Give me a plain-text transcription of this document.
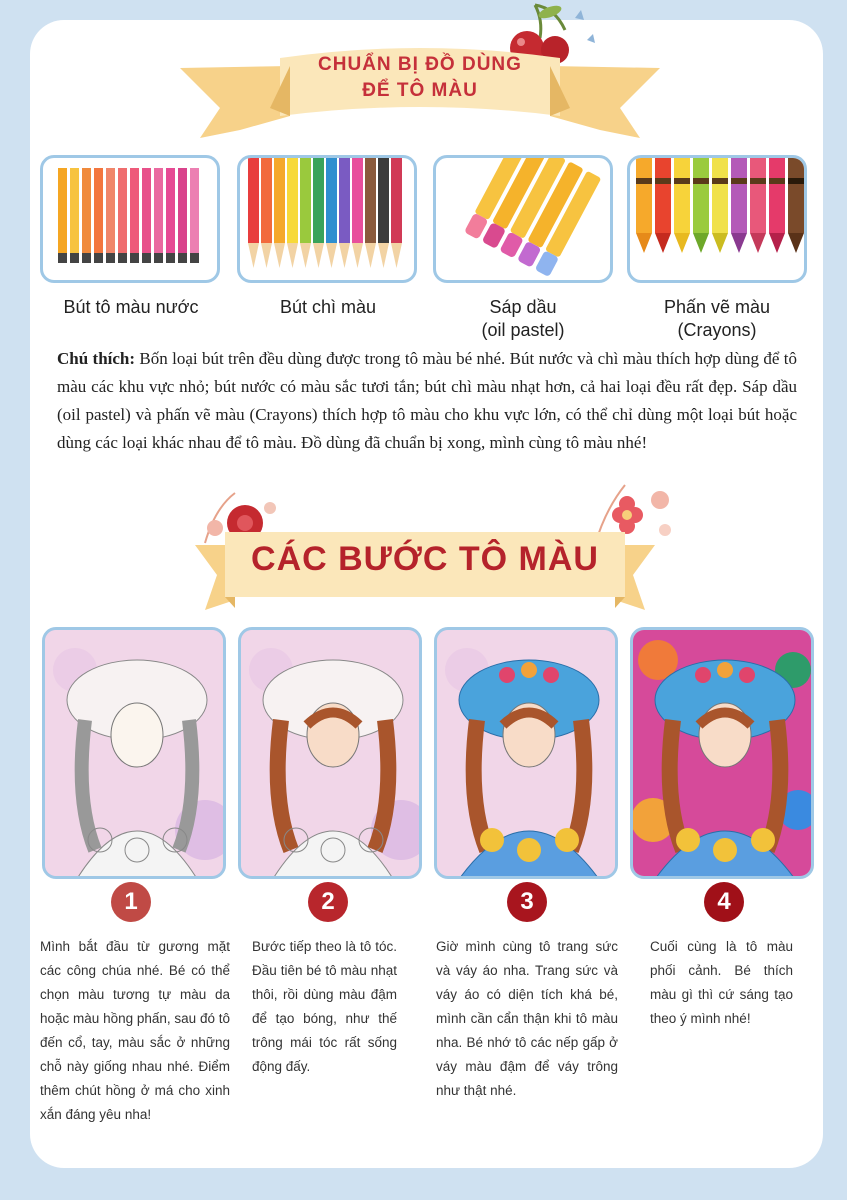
CHUẨN BỊ ĐỒ DÙNG
ĐỂ TÔ MÀU
Bút tô màu nước	Bút chì màu	Sáp dầu
(oil pastel)
Phấn vẽ màu
(Crayons)
Chú thích: Bốn loại bút trên đều dùng được trong tô màu bé nhé. Bút nước và chì màu thích hợp dùng để tô màu các khu vực nhỏ; bút nước có màu sắc tươi tắn; bút chì màu nhạt hơn, cả hai loại đều rất đẹp. Sáp dầu (oil pastel) và phấn vẽ màu (Crayons) thích hợp tô màu cho khu vực lớn, có thể chỉ dùng một loại bút hoặc dùng các loại khác nhau để tô màu. Đồ dùng đã chuẩn bị xong, mình cùng tô màu nhé!
CÁC BƯỚC TÔ MÀU
1	2	3	4
Mình bắt đầu từ gương mặt các công chúa nhé. Bé có thể chọn màu tương tự màu da hoặc màu hồng phấn, sau đó tô đến cổ, tay, màu sắc ở những chỗ này giống nhau nhé. Điểm thêm chút hồng ở má cho xinh xắn đáng yêu nha!
Bước tiếp theo là tô tóc. Đầu tiên bé tô màu nhạt thôi, rồi dùng màu đậm để tạo bóng, như thế trông mái tóc rất sống động đấy.
Giờ mình cùng tô trang sức và váy áo nha. Trang sức và váy áo có diện tích khá bé, mình cần cẩn thận khi tô màu nha. Bé nhớ tô các nếp gấp ở váy màu đậm để váy trông như thật nhé.
Cuối cùng là tô màu phối cảnh. Bé thích màu gì thì cứ sáng tạo theo ý mình nhé!
